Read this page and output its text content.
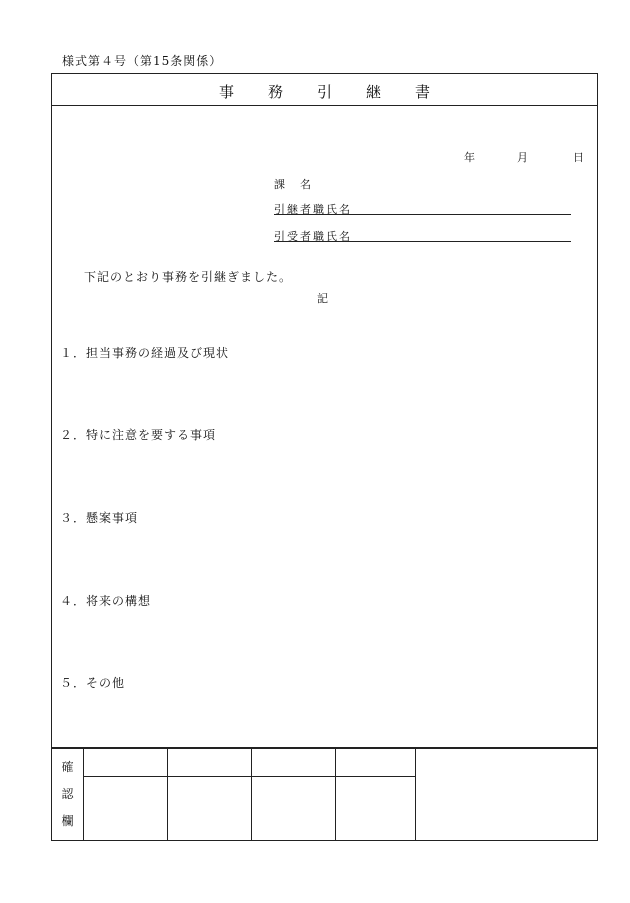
様式第４号（第15条関係）
事務引継書
年	月	日
課　名
引継者職氏名
引受者職氏名
下記のとおり事務を引継ぎました。
記
１．担当事務の経過及び現状
２．特に注意を要する事項
３．懸案事項
４．将来の構想
５．その他
確
認
欄					
